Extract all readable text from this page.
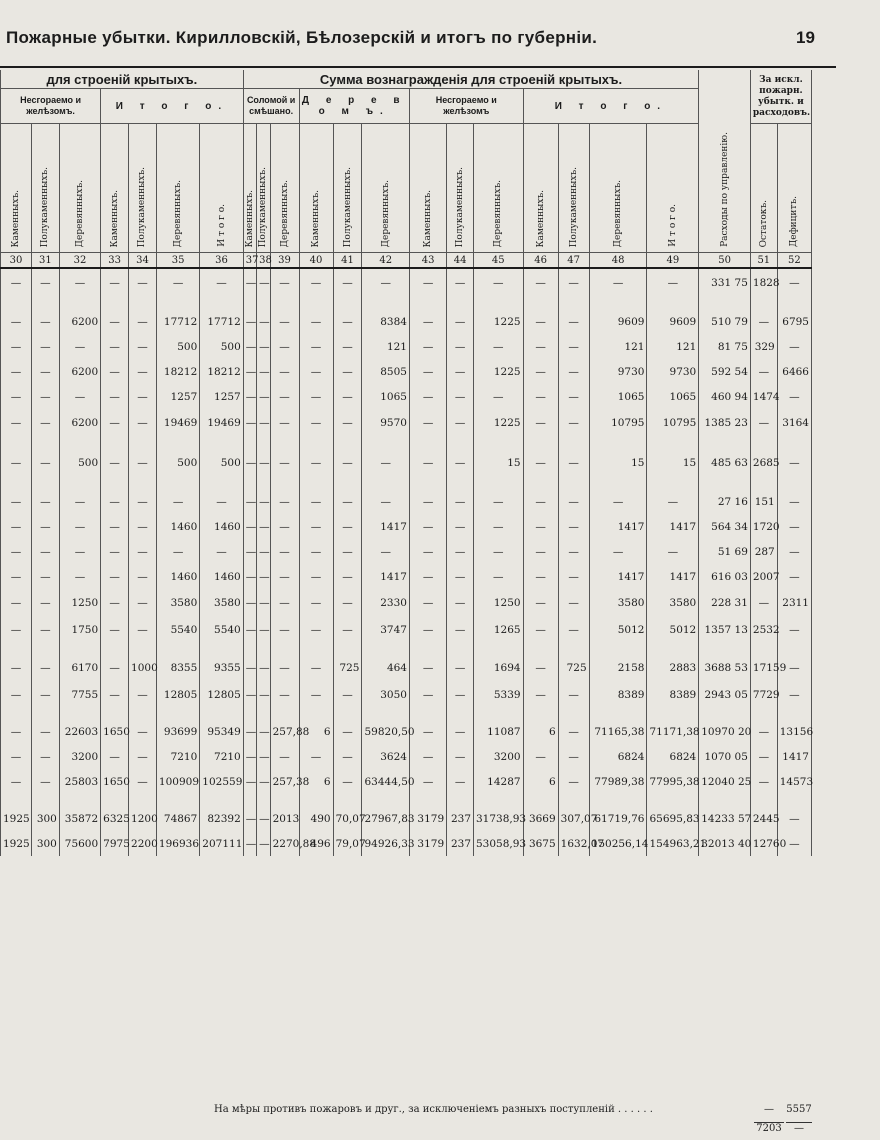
Пожарные убытки. Кирилловскій, Бѣлозерскій и итогъ по губерніи.	19
для строеній крытыхъ.							Сумма вознагражденія для строеній крытыхъ.													Расходы по управленію.	За искл. пожарн. убытк. и расходовъ.	
Несгораемо и желѣзомъ.			И т о г о.				Соломой и смѣшано.			Д е р е в о м ъ.			Несгораемо и желѣзомъ			И т о г о.						
Каменныхъ.	Полукаменныхъ.	Деревянныхъ.	Каменныхъ.	Полукаменныхъ.	Деревянныхъ.	И т о г о.	Каменныхъ.	Полукаменныхъ.	Деревянныхъ.	Каменныхъ.	Полукаменныхъ.	Деревянныхъ.	Каменныхъ.	Полукаменныхъ.	Деревянныхъ.	Каменныхъ.	Полукаменныхъ.	Деревянныхъ.	И т о г о.		Остатокъ.	Дефицитъ.
30	31	32	33	34	35	36	37	38	39	40	41	42	43	44	45	46	47	48	49	50	51	52
—	—	—	—	—	—	—	—	—	—	—	—	—	—	—	—	—	—	—	—	331 75	1828	—

—	—	6200	—	—	17712	17712	—	—	—	—	—	8384	—	—	1225	—	—	9609	9609	510 79	—	6795
—	—	—	—	—	500	500	—	—	—	—	—	121	—	—	—	—	—	121	121	81 75	329	—
—	—	6200	—	—	18212	18212	—	—	—	—	—	8505	—	—	1225	—	—	9730	9730	592 54	—	6466
—	—	—	—	—	1257	1257	—	—	—	—	—	1065	—	—	—	—	—	1065	1065	460 94	1474	—
—	—	6200	—	—	19469	19469	—	—	—	—	—	9570	—	—	1225	—	—	10795	10795	1385 23	—	3164

—	—	500	—	—	500	500	—	—	—	—	—	—	—	—	15	—	—	15	15	485 63	2685	—

—	—	—	—	—	—	—	—	—	—	—	—	—	—	—	—	—	—	—	—	27 16	151	—
—	—	—	—	—	1460	1460	—	—	—	—	—	1417	—	—	—	—	—	1417	1417	564 34	1720	—
—	—	—	—	—	—	—	—	—	—	—	—	—	—	—	—	—	—	—	—	51 69	287	—
—	—	—	—	—	1460	1460	—	—	—	—	—	1417	—	—	—	—	—	1417	1417	616 03	2007	—
—	—	1250	—	—	3580	3580	—	—	—	—	—	2330	—	—	1250	—	—	3580	3580	228 31	—	2311
—	—	1750	—	—	5540	5540	—	—	—	—	—	3747	—	—	1265	—	—	5012	5012	1357 13	2532	—

—	—	6170	—	1000	8355	9355	—	—	—	—	725	464	—	—	1694	—	725	2158	2883	3688 53	17159	—
—	—	7755	—	—	12805	12805	—	—	—	—	—	3050	—	—	5339	—	—	8389	8389	2943 05	7729	—

—	—	22603	1650	—	93699	95349	—	—	257,88	6	—	59820,50	—	—	11087	6	—	71165,38	71171,38	10970 20	—	13156
—	—	3200	—	—	7210	7210	—	—	—	—	—	3624	—	—	3200	—	—	6824	6824	1070 05	—	1417
—	—	25803	1650	—	100909	102559	—	—	257,38	6	—	63444,50	—	—	14287	6	—	77989,38	77995,38	12040 25	—	14573

1925	300	35872	6325	1200	74867	82392	—	—	2013	490	70,07	27967,83	3179	237	31738,93	3669	307,07	61719,76	65695,83	14233 57	2445	—
1925	300	75600	7975	2200	196936	207111	—	—	2270,88	496	79,07	94926,33	3179	237	53058,93	3675	1632,07	150256,14	154963,21	32013 40	12760	—
На мѣры противъ пожаровъ и друг., за исключеніемъ разныхъ поступленій . . . . . .	—	5557
7203	—
